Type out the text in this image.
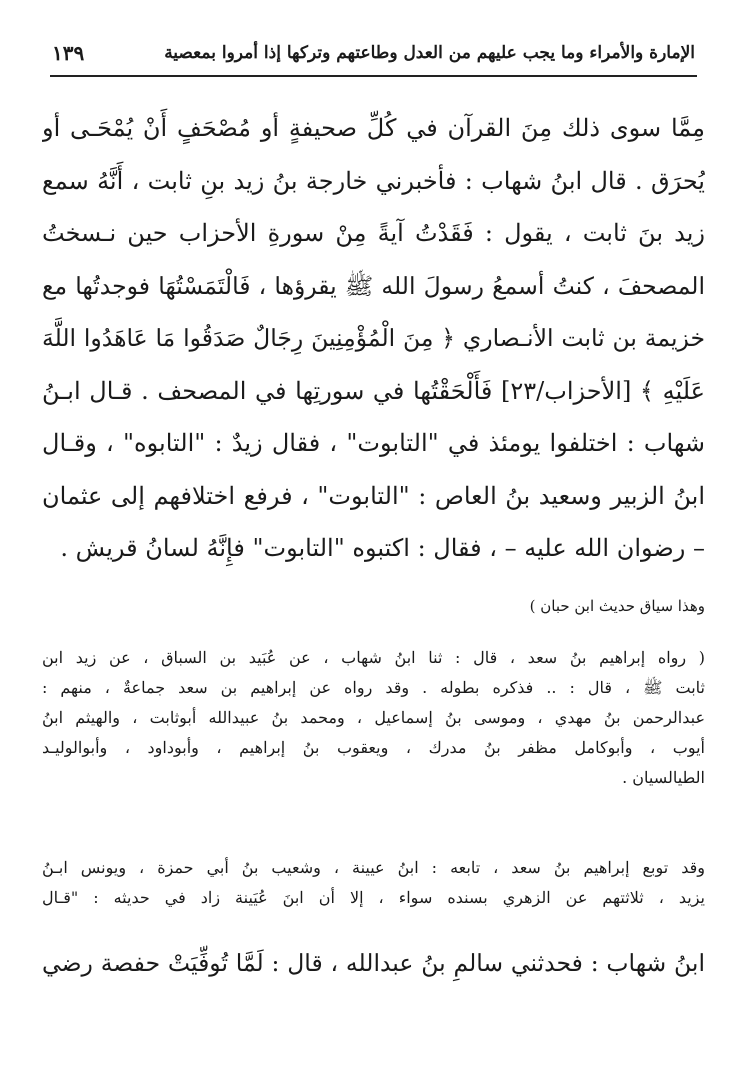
١٣٩	الإمارة والأمراء وما يجب عليهم من العدل وطاعتهم وتركها إذا أمروا بمعصية
مِمَّا سوى ذلك مِنَ القرآن في كُلِّ صحيفةٍ أو مُصْحَفٍ أَنْ يُمْحَـى أو
يُحرَق . قال ابنُ شهاب : فأخبرني خارجة بنُ زيد بنِ ثابت ، أَنَّهُ سمع
زيد بنَ ثابت ، يقول : فَقَدْتُ آيةً مِنْ سورةِ الأحزاب حين نـسختُ
المصحفَ ، كنتُ أسمعُ رسولَ الله ﷺ يقرؤها ، فَالْتَمَسْتُهَا فوجدتُها مع
خزيمة بن ثابت الأنـصاري ﴿ مِنَ الْمُؤْمِنِينَ رِجَالٌ صَدَقُوا مَا عَاهَدُوا اللَّهَ
عَلَيْهِ ﴾ [الأحزاب/٢٣] فَأَلْحَقْتُها في سورتِها في المصحف . قـال ابـنُ
شهاب : اختلفوا يومئذ في "التابوت" ، فقال زيدٌ : "التابوه" ، وقـال
ابنُ الزبير وسعيد بنُ العاص : "التابوت" ، فرفع اختلافهم إلى عثمان
– رضوان الله عليه – ، فقال : اكتبوه "التابوت" فإِنَّهُ لسانُ قريش .
وهذا سياق حديث ابن حبان )
( رواه إبراهيم بنُ سعد ، قال : ثنا ابنُ شهاب ، عن عُبَيد بن السباق ، عن زيد ابن
ثابت ﷺ ، قال : .. فذكره بطوله . وقد رواه عن إبراهيم بن سعد جماعةٌ ، منهم :
عبدالرحمن بنُ مهدي ، وموسى بنُ إسماعيل ، ومحمد بنُ عبيدالله أبوثابت ، والهيثم ابنُ
أيوب ، وأبوكامل مظفر بنُ مدرك ، ويعقوب بنُ إبراهيم ، وأبوداود ، وأبوالوليـد
الطيالسيان .
وقد توبع إبراهيم بنُ سعد ، تابعه : ابنُ عيينة ، وشعيب بنُ أبي حمزة ، ويونس ابـنُ
يزيد ، ثلاثتهم عن الزهري بسنده سواء ، إلا أن ابنَ عُيَينة زاد في حديثه : "قـال
ابنُ شهاب : فحدثني سالمِ بنُ عبدالله ، قال : لَمَّا تُوفِّيَتْ حفصة رضي
